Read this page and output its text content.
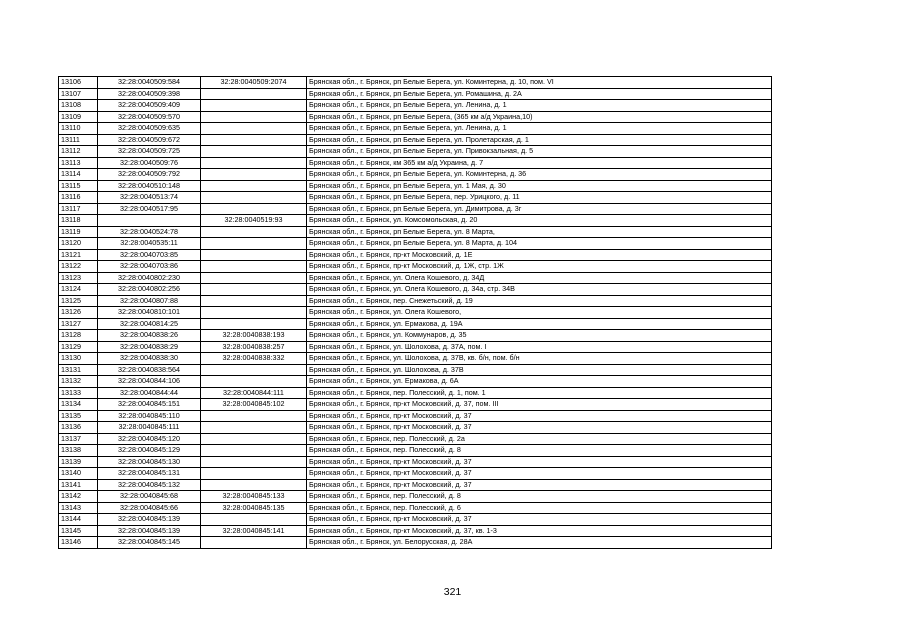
13106	32:28:0040509:584	32:28:0040509:2074	Брянская обл., г. Брянск, рп Белые Берега, ул. Коминтерна, д. 10, пом. VI
13107	32:28:0040509:398		Брянская обл., г. Брянск, рп Белые Берега, ул. Ромашина, д. 2А
13108	32:28:0040509:409		Брянская обл., г. Брянск, рп Белые Берега, ул. Ленина, д. 1
13109	32:28:0040509:570		Брянская обл., г. Брянск, рп Белые Берега, (365 км а/д Украина,10)
13110	32:28:0040509:635		Брянская обл., г. Брянск, рп Белые Берега, ул. Ленина, д. 1
13111	32:28:0040509:672		Брянская обл., г. Брянск, рп Белые Берега, ул. Пролетарская, д. 1
13112	32:28:0040509:725		Брянская обл., г. Брянск, рп Белые Берега, ул. Привокзальная, д. 5
13113	32:28:0040509:76		Брянская обл., г. Брянск, км 365 км а/д Украина, д. 7
13114	32:28:0040509:792		Брянская обл., г. Брянск, рп Белые Берега, ул. Коминтерна, д. 36
13115	32:28:0040510:148		Брянская обл., г. Брянск, рп Белые Берега, ул. 1 Мая, д. 30
13116	32:28:0040513:74		Брянская обл., г. Брянск, рп Белые Берега, пер. Урицкого, д. 11
13117	32:28:0040517:95		Брянская обл., г. Брянск, рп Белые Берега, ул. Димитрова, д. 3г
13118		32:28:0040519:93	Брянская обл., г. Брянск, ул. Комсомольская, д. 20
13119	32:28:0040524:78		Брянская обл., г. Брянск, рп Белые Берега, ул. 8 Марта,
13120	32:28:0040535:11		Брянская обл., г. Брянск, рп Белые Берега, ул. 8 Марта, д. 104
13121	32:28:0040703:85		Брянская обл., г. Брянск, пр-кт Московский, д. 1Е
13122	32:28:0040703:86		Брянская обл., г. Брянск, пр-кт Московский, д. 1Ж, стр. 1Ж
13123	32:28:0040802:230		Брянская обл., г. Брянск, ул. Олега Кошевого, д. 34Д
13124	32:28:0040802:256		Брянская обл., г. Брянск, ул. Олега Кошевого, д. 34а, стр. 34В
13125	32:28:0040807:88		Брянская обл., г. Брянск, пер. Снежетьский, д. 19
13126	32:28:0040810:101		Брянская обл., г. Брянск, ул. Олега Кошевого,
13127	32:28:0040814:25		Брянская обл., г. Брянск, ул. Ермакова, д. 19А
13128	32:28:0040838:26	32:28:0040838:193	Брянская обл., г. Брянск, ул. Коммунаров, д. 35
13129	32:28:0040838:29	32:28:0040838:257	Брянская обл., г. Брянск, ул. Шолохова, д. 37А, пом. I
13130	32:28:0040838:30	32:28:0040838:332	Брянская обл., г. Брянск, ул. Шолохова, д. 37В, кв. б/н, пом. б/н
13131	32:28:0040838:564		Брянская обл., г. Брянск, ул. Шолохова, д. 37В
13132	32:28:0040844:106		Брянская обл., г. Брянск, ул. Ермакова, д. 6А
13133	32:28:0040844:44	32:28:0040844:111	Брянская обл., г. Брянск, пер. Полесский, д. 1, пом. 1
13134	32:28:0040845:151	32:28:0040845:102	Брянская обл., г. Брянск, пр-кт Московский, д. 37, пом. III
13135	32:28:0040845:110		Брянская обл., г. Брянск, пр-кт Московский, д. 37
13136	32:28:0040845:111		Брянская обл., г. Брянск, пр-кт Московский, д. 37
13137	32:28:0040845:120		Брянская обл., г. Брянск, пер. Полесский, д. 2а
13138	32:28:0040845:129		Брянская обл., г. Брянск, пер. Полесский, д. 8
13139	32:28:0040845:130		Брянская обл., г. Брянск, пр-кт Московский, д. 37
13140	32:28:0040845:131		Брянская обл., г. Брянск, пр-кт Московский, д. 37
13141	32:28:0040845:132		Брянская обл., г. Брянск, пр-кт Московский, д. 37
13142	32:28:0040845:68	32:28:0040845:133	Брянская обл., г. Брянск, пер. Полесский, д. 8
13143	32:28:0040845:66	32:28:0040845:135	Брянская обл., г. Брянск, пер. Полесский, д. 6
13144	32:28:0040845:139		Брянская обл., г. Брянск, пр-кт Московский, д. 37
13145	32:28:0040845:139	32:28:0040845:141	Брянская обл., г. Брянск, пр-кт Московский, д. 37, кв. 1-3
13146	32:28:0040845:145		Брянская обл., г. Брянск, ул. Белорусская, д. 28А
321
